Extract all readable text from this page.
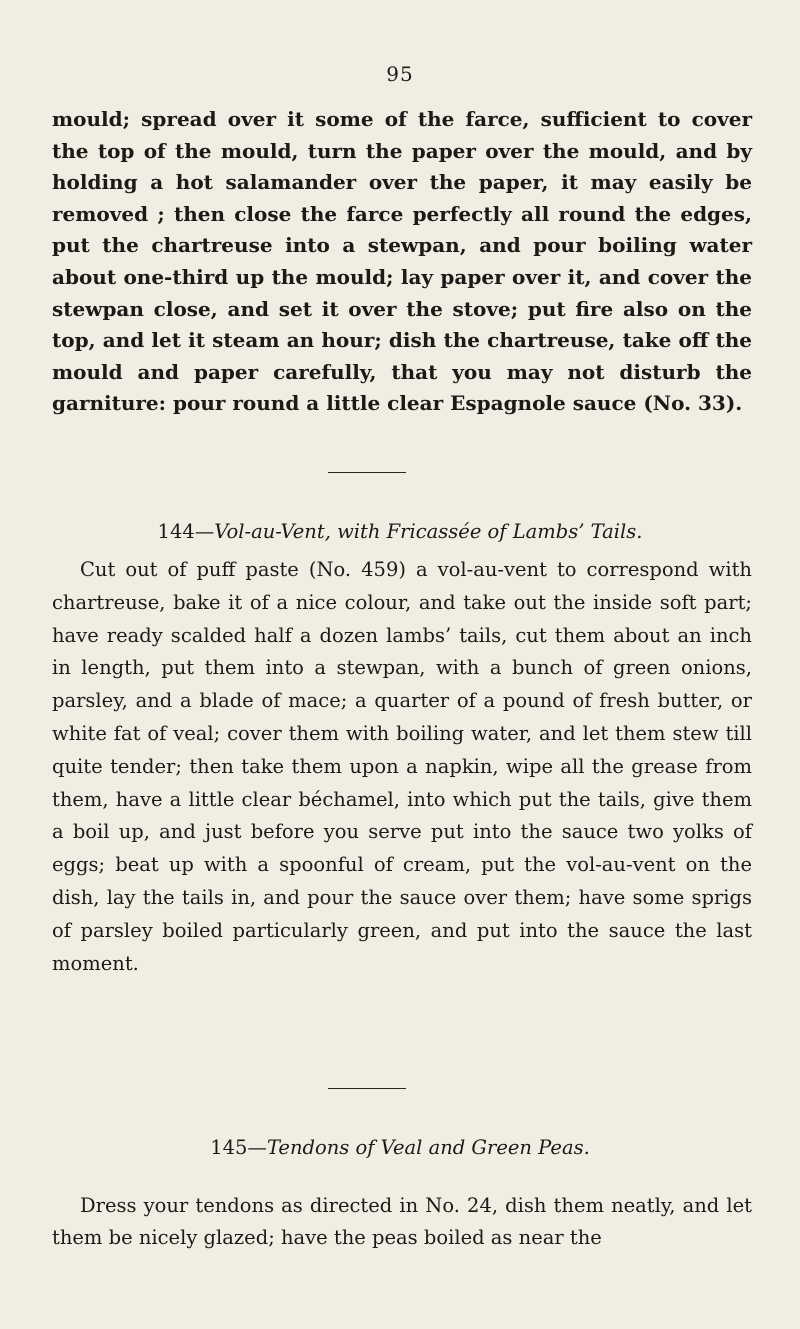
95

mould; spread over it some of the farce, sufficient to cover the top of the mould, turn the paper over the mould, and by holding a hot salamander over the paper, it may easily be removed ; then close the farce perfectly all round the edges, put the chartreuse into a stewpan, and pour boiling water about one-third up the mould; lay paper over it, and cover the stewpan close, and set it over the stove; put fire also on the top, and let it steam an hour; dish the chartreuse, take off the mould and paper carefully, that you may not disturb the garniture: pour round a little clear Espagnole sauce (No. 33).

144—Vol-au-Vent, with Fricassée of Lambs’ Tails.

Cut out of puff paste (No. 459) a vol-au-vent to correspond with chartreuse, bake it of a nice colour, and take out the inside soft part; have ready scalded half a dozen lambs’ tails, cut them about an inch in length, put them into a stewpan, with a bunch of green onions, parsley, and a blade of mace; a quarter of a pound of fresh butter, or white fat of veal; cover them with boiling water, and let them stew till quite tender; then take them upon a napkin, wipe all the grease from them, have a little clear béchamel, into which put the tails, give them a boil up, and just before you serve put into the sauce two yolks of eggs; beat up with a spoonful of cream, put the vol-au-vent on the dish, lay the tails in, and pour the sauce over them; have some sprigs of parsley boiled particularly green, and put into the sauce the last moment.

145—Tendons of Veal and Green Peas.

Dress your tendons as directed in No. 24, dish them neatly, and let them be nicely glazed; have the peas boiled as near the
